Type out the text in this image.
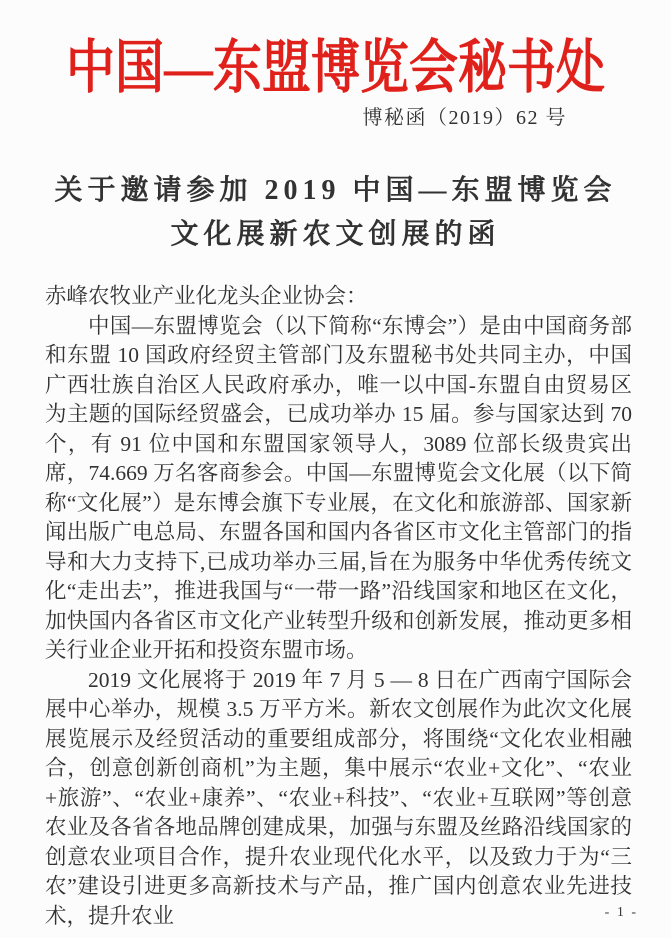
中国—东盟博览会秘书处
博秘函（2019）62 号
关于邀请参加 2019 中国—东盟博览会
文化展新农文创展的函
赤峰农牧业产业化龙头企业协会：

中国—东盟博览会（以下简称“东博会”）是由中国商务部和东盟 10 国政府经贸主管部门及东盟秘书处共同主办，中国广西壮族自治区人民政府承办，唯一以中国-东盟自由贸易区为主题的国际经贸盛会，已成功举办 15 届。参与国家达到 70 个，有 91 位中国和东盟国家领导人，3089 位部长级贵宾出席，74.669 万名客商参会。中国—东盟博览会文化展（以下简称“文化展”）是东博会旗下专业展，在文化和旅游部、国家新闻出版广电总局、东盟各国和国内各省区市文化主管部门的指导和大力支持下,已成功举办三届,旨在为服务中华优秀传统文化“走出去”，推进我国与“一带一路”沿线国家和地区在文化，加快国内各省区市文化产业转型升级和创新发展，推动更多相关行业企业开拓和投资东盟市场。

2019 文化展将于 2019 年 7 月 5 — 8 日在广西南宁国际会展中心举办，规模 3.5 万平方米。新农文创展作为此次文化展展览展示及经贸活动的重要组成部分，将围绕“文化农业相融合，创意创新创商机”为主题，集中展示“农业+文化”、“农业+旅游”、“农业+康养”、“农业+科技”、“农业+互联网”等创意农业及各省各地品牌创建成果，加强与东盟及丝路沿线国家的创意农业项目合作，提升农业现代化水平，以及致力于为“三农”建设引进更多高新技术与产品，推广国内创意农业先进技术，提升农业	- 1 -
